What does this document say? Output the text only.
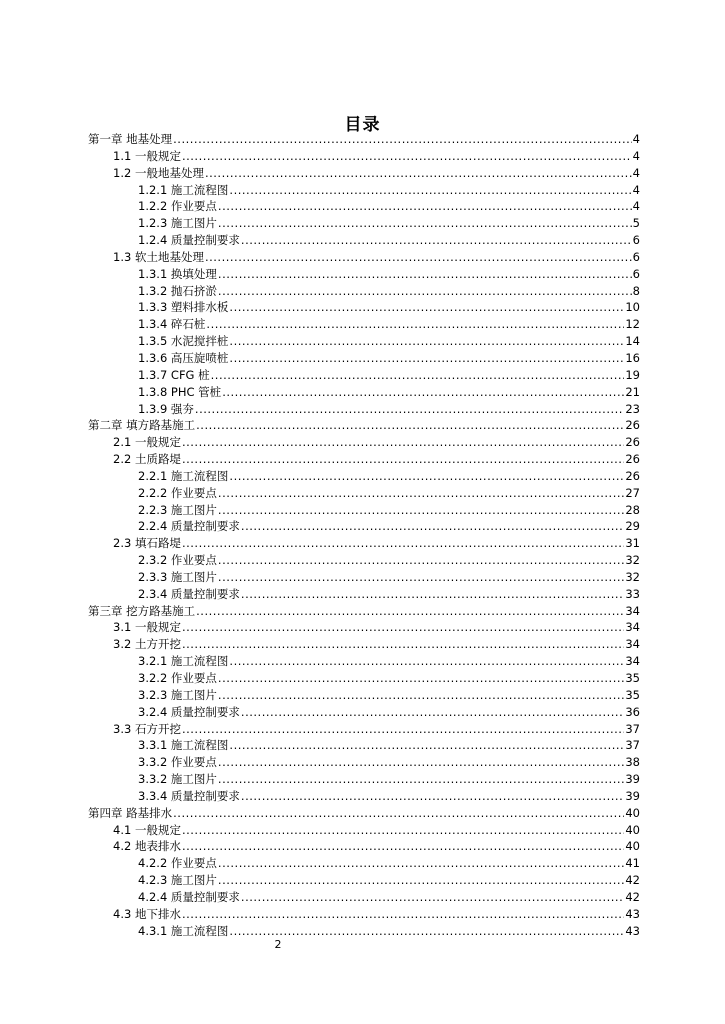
目录
第一章 地基处理 .....	4
1.1 一般规定 .....	4
1.2 一般地基处理 .....	4
1.2.1 施工流程图 .....	4
1.2.2 作业要点 .....	4
1.2.3 施工图片 .....	5
1.2.4 质量控制要求 .....	6
1.3 软土地基处理 .....	6
1.3.1 换填处理 .....	6
1.3.2 抛石挤淤 .....	8
1.3.3 塑料排水板 .....	10
1.3.4 碎石桩 .....	12
1.3.5 水泥搅拌桩 .....	14
1.3.6 高压旋喷桩 .....	16
1.3.7 CFG 桩 .....	19
1.3.8 PHC 管桩 .....	21
1.3.9 强夯 .....	23
第二章 填方路基施工 .....	26
2.1 一般规定 .....	26
2.2 土质路堤 .....	26
2.2.1 施工流程图 .....	26
2.2.2 作业要点 .....	27
2.2.3 施工图片 .....	28
2.2.4 质量控制要求 .....	29
2.3 填石路堤 .....	31
2.3.2 作业要点 .....	32
2.3.3 施工图片 .....	32
2.3.4 质量控制要求 .....	33
第三章 挖方路基施工 .....	34
3.1 一般规定 .....	34
3.2 土方开挖 .....	34
3.2.1 施工流程图 .....	34
3.2.2 作业要点 .....	35
3.2.3 施工图片 .....	35
3.2.4 质量控制要求 .....	36
3.3 石方开挖 .....	37
3.3.1 施工流程图 .....	37
3.3.2 作业要点 .....	38
3.3.2 施工图片 .....	39
3.3.4 质量控制要求 .....	39
第四章 路基排水 .....	40
4.1 一般规定 .....	40
4.2 地表排水 .....	40
4.2.2 作业要点 .....	41
4.2.3 施工图片 .....	42
4.2.4 质量控制要求 .....	42
4.3 地下排水 .....	43
4.3.1 施工流程图 .....	43
2
